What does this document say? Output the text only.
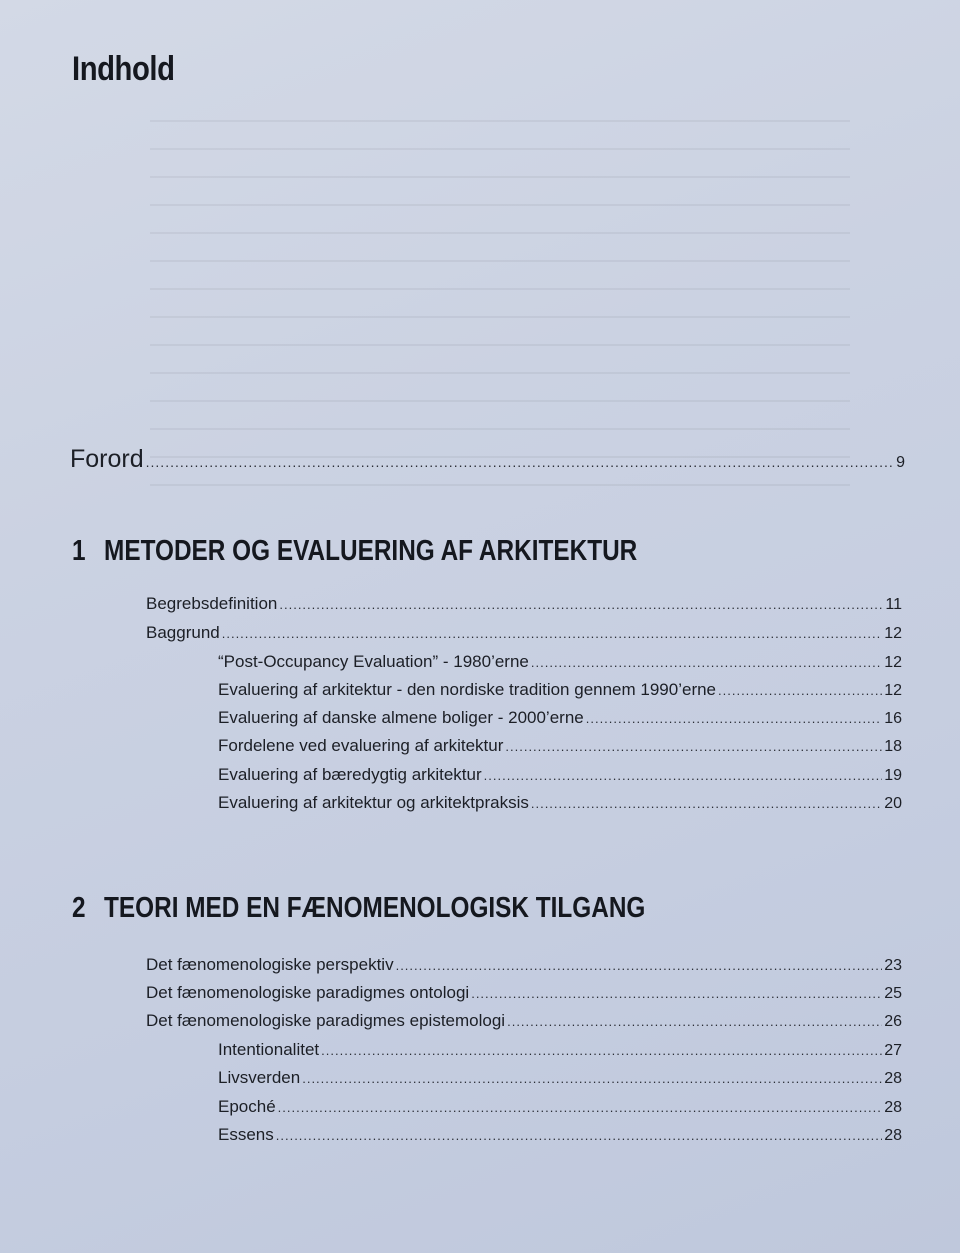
Indhold
Forord .....	9
1 METODER OG EVALUERING AF ARKITEKTUR
Begrebsdefinition .....	11
Baggrund .....	12
“Post-Occupancy Evaluation” - 1980’erne .....	12
Evaluering af arkitektur - den nordiske tradition gennem 1990’erne .....	12
Evaluering af danske almene boliger - 2000’erne .....	16
Fordelene ved evaluering af arkitektur .....	18
Evaluering af bæredygtig arkitektur .....	19
Evaluering af arkitektur og arkitektpraksis .....	20
2 TEORI MED EN FÆNOMENOLOGISK TILGANG
Det fænomenologiske perspektiv .....	23
Det fænomenologiske paradigmes ontologi .....	25
Det fænomenologiske paradigmes epistemologi .....	26
Intentionalitet .....	27
Livsverden .....	28
Epoché .....	28
Essens .....	28
